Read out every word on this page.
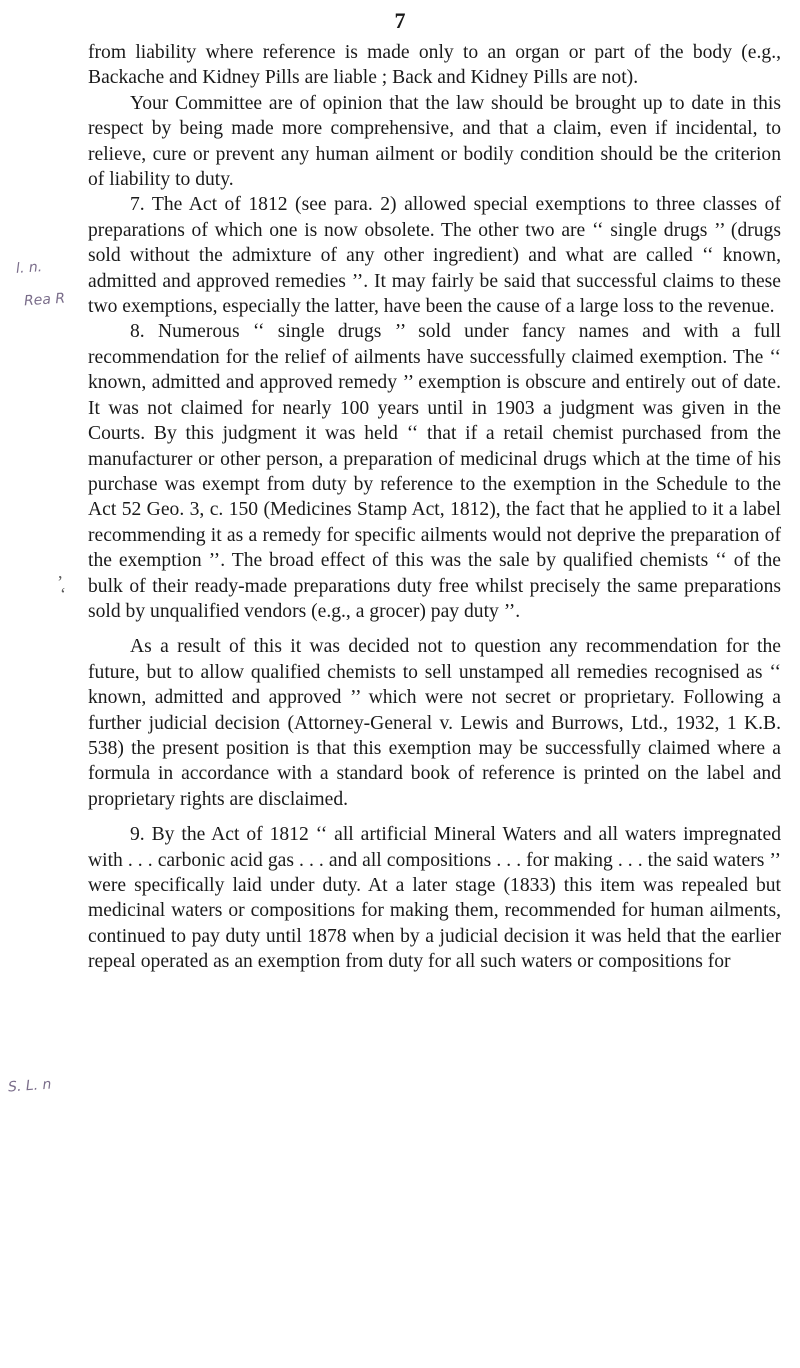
7
l. n.
Rea R
S. L. n
,
‘

from liability where reference is made only to an organ or part of the body (e.g., Backache and Kidney Pills are liable ; Back and Kidney Pills are not).

Your Committee are of opinion that the law should be brought up to date in this respect by being made more comprehensive, and that a claim, even if incidental, to relieve, cure or prevent any human ailment or bodily condition should be the criterion of liability to duty.

7. The Act of 1812 (see para. 2) allowed special exemptions to three classes of preparations of which one is now obsolete. The other two are ‘‘ single drugs ’’ (drugs sold without the admixture of any other ingredient) and what are called ‘‘ known, admitted and approved remedies ’’. It may fairly be said that successful claims to these two exemptions, especially the latter, have been the cause of a large loss to the revenue.

8. Numerous ‘‘ single drugs ’’ sold under fancy names and with a full recommendation for the relief of ailments have successfully claimed exemption. The ‘‘ known, admitted and approved remedy ’’ exemption is obscure and entirely out of date. It was not claimed for nearly 100 years until in 1903 a judgment was given in the Courts. By this judgment it was held ‘‘ that if a retail chemist purchased from the manufacturer or other person, a preparation of medicinal drugs which at the time of his purchase was exempt from duty by reference to the exemption in the Schedule to the Act 52 Geo. 3, c. 150 (Medicines Stamp Act, 1812), the fact that he applied to it a label recommending it as a remedy for specific ailments would not deprive the preparation of the exemption ’’. The broad effect of this was the sale by qualified chemists ‘‘ of the bulk of their ready-made preparations duty free whilst precisely the same preparations sold by unqualified vendors (e.g., a grocer) pay duty ’’.

As a result of this it was decided not to question any recommendation for the future, but to allow qualified chemists to sell unstamped all remedies recognised as ‘‘ known, admitted and approved ’’ which were not secret or proprietary. Following a further judicial decision (Attorney-General v. Lewis and Burrows, Ltd., 1932, 1 K.B. 538) the present position is that this exemption may be successfully claimed where a formula in accordance with a standard book of reference is printed on the label and proprietary rights are disclaimed.

9. By the Act of 1812 ‘‘ all artificial Mineral Waters and all waters impregnated with . . . carbonic acid gas . . . and all compositions . . . for making . . . the said waters ’’ were specifically laid under duty. At a later stage (1833) this item was repealed but medicinal waters or compositions for making them, recommended for human ailments, continued to pay duty until 1878 when by a judicial decision it was held that the earlier repeal operated as an exemption from duty for all such waters or compositions for
